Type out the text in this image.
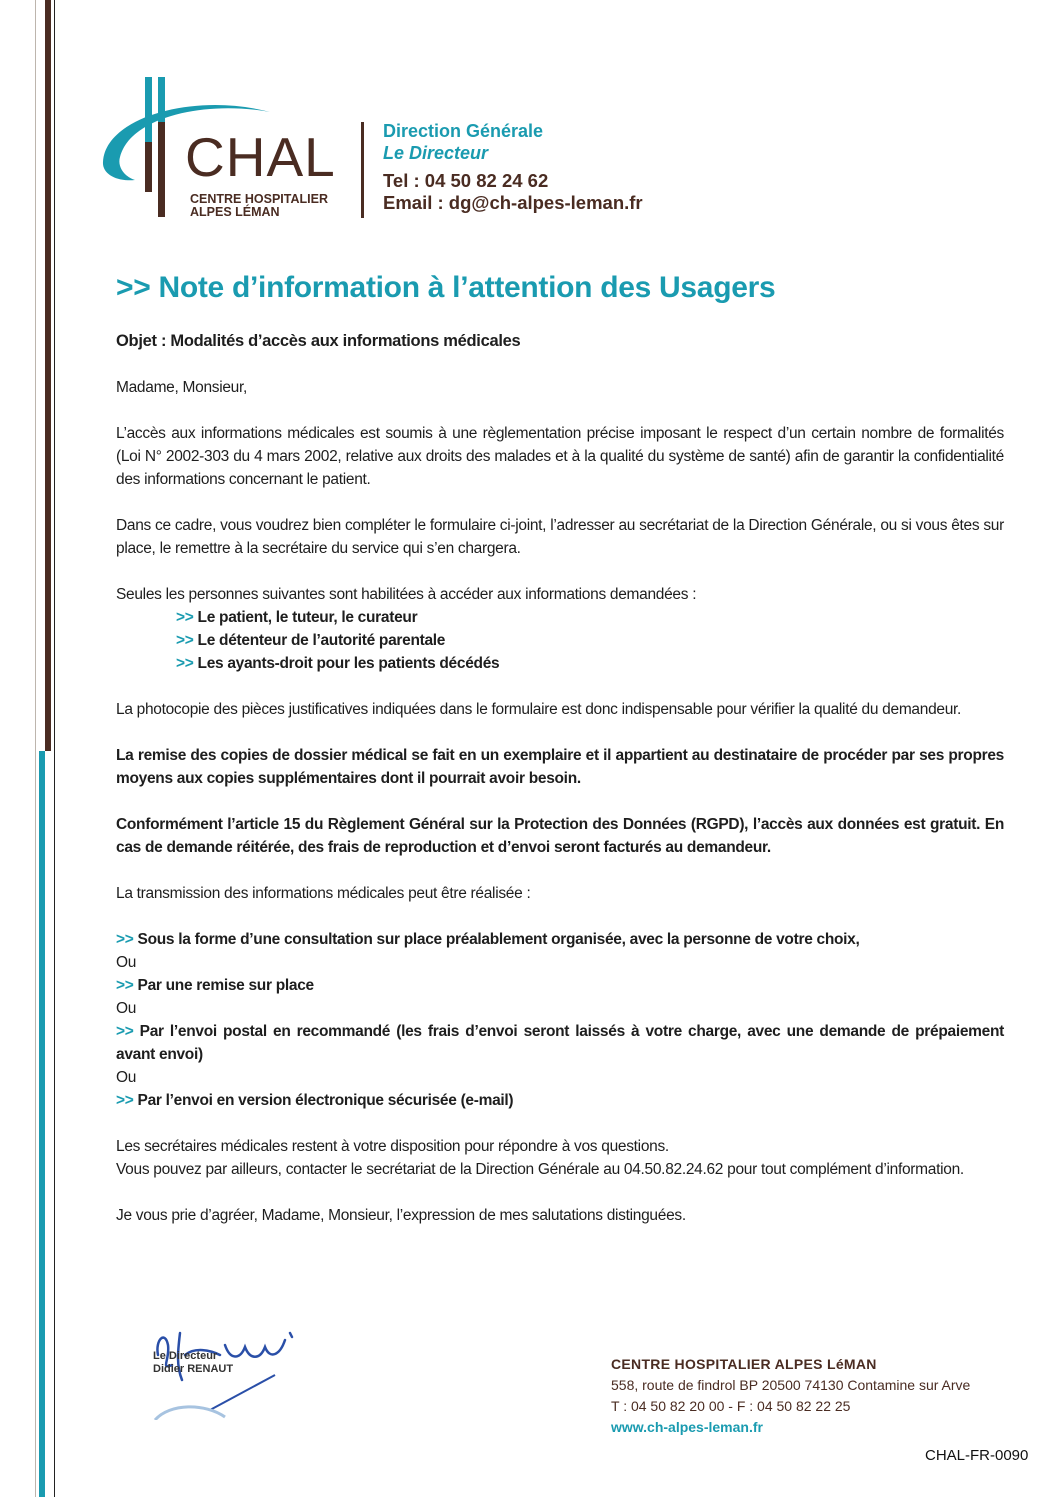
CHAL
CENTRE HOSPITALIER
ALPES LÉMAN
Direction Générale
Le Directeur
Tel : 04 50 82 24 62
Email : dg@ch-alpes-leman.fr
>> Note d’information à l’attention des Usagers

Objet : Modalités d’accès aux informations médicales

Madame, Monsieur,

L’accès aux informations médicales est soumis à une règlementation précise imposant le respect d’un certain nombre de formalités (Loi N° 2002-303 du 4 mars 2002, relative aux droits des malades et à la qualité du système de santé) afin de garantir la confidentialité des informations concernant le patient.

Dans ce cadre, vous voudrez bien compléter le formulaire ci-joint, l’adresser au secrétariat de la Direction Générale, ou si vous êtes sur place, le remettre à la secrétaire du service qui s’en chargera.

Seules les personnes suivantes sont habilitées à accéder aux informations demandées :

>> Le patient, le tuteur, le curateur

>> Le détenteur de l’autorité parentale

>> Les ayants-droit pour les patients décédés

La photocopie des pièces justificatives indiquées dans le formulaire est donc indispensable pour vérifier la qualité du demandeur.

La remise des copies de dossier médical se fait en un exemplaire et il appartient au destinataire de procéder par ses propres moyens aux copies supplémentaires dont il pourrait avoir besoin.

Conformément l’article 15 du Règlement Général sur la Protection des Données (RGPD), l’accès aux données est gratuit. En cas de demande réitérée, des frais de reproduction et d’envoi seront facturés au demandeur.

La transmission des informations médicales peut être réalisée :

>> Sous la forme d’une consultation sur place préalablement organisée, avec la personne de votre choix,

Ou

>> Par une remise sur place

Ou

>> Par l’envoi postal en recommandé (les frais d’envoi seront laissés à votre charge, avec une demande de prépaiement avant envoi)

Ou

>> Par l’envoi en version électronique sécurisée (e-mail)

Les secrétaires médicales restent à votre disposition pour répondre à vos questions.

Vous pouvez par ailleurs, contacter le secrétariat de la Direction Générale au 04.50.82.24.62 pour tout complément d’information.

Je vous prie d’agréer, Madame, Monsieur, l’expression de mes salutations distinguées.

Le Directeur
Didier RENAUT	CENTRE HOSPITALIER ALPES LéMAN
558, route de findrol BP 20500 74130 Contamine sur Arve
T : 04 50 82 20 00 - F : 04 50 82 22 25
www.ch-alpes-leman.fr
CHAL-FR-0090
